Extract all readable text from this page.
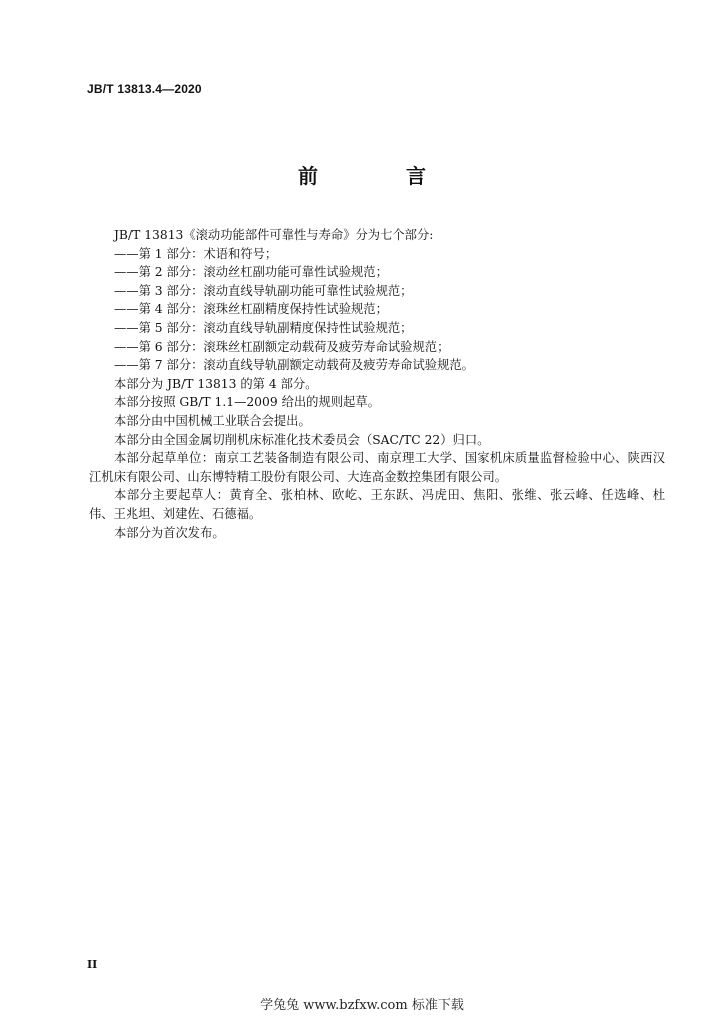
JB/T 13813.4—2020
前　言

JB/T 13813《滚动功能部件可靠性与寿命》分为七个部分:

——第 1 部分：术语和符号；

——第 2 部分：滚动丝杠副功能可靠性试验规范；

——第 3 部分：滚动直线导轨副功能可靠性试验规范；

——第 4 部分：滚珠丝杠副精度保持性试验规范；

——第 5 部分：滚动直线导轨副精度保持性试验规范；

——第 6 部分：滚珠丝杠副额定动载荷及疲劳寿命试验规范；

——第 7 部分：滚动直线导轨副额定动载荷及疲劳寿命试验规范。

本部分为 JB/T 13813 的第 4 部分。

本部分按照 GB/T 1.1—2009 给出的规则起草。

本部分由中国机械工业联合会提出。

本部分由全国金属切削机床标准化技术委员会（SAC/TC 22）归口。

本部分起草单位：南京工艺装备制造有限公司、南京理工大学、国家机床质量监督检验中心、陕西汉江机床有限公司、山东博特精工股份有限公司、大连高金数控集团有限公司。

本部分主要起草人：黄育全、张柏林、欧屹、王东跃、冯虎田、焦阳、张维、张云峰、任选峰、杜伟、王兆坦、刘建佐、石德福。

本部分为首次发布。

II
学兔兔 www.bzfxw.com 标准下载
